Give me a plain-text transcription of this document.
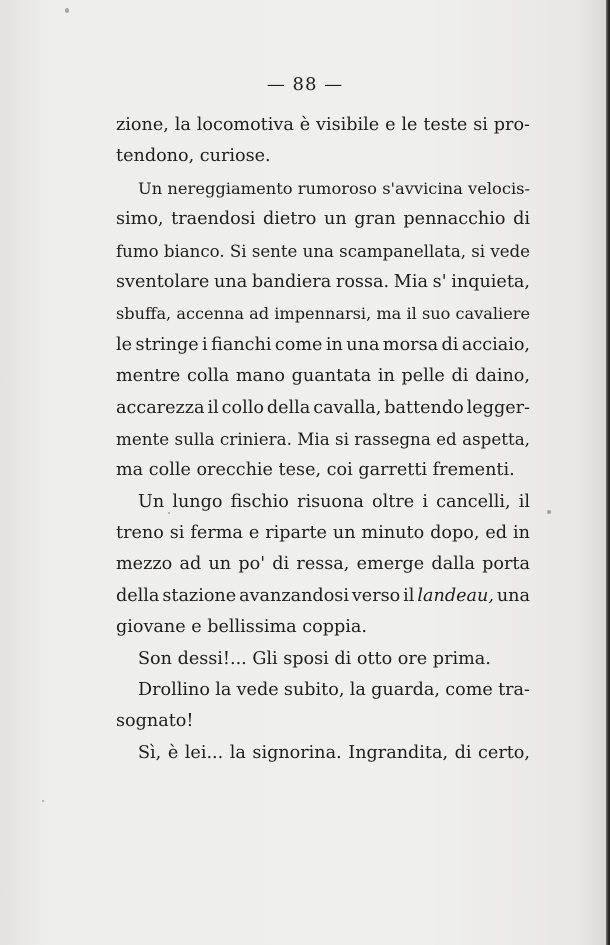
— 88 —
zione, la locomotiva è visibile e le teste si pro-
tendono, curiose.
Un nereggiamento rumoroso s'avvicina velocis-
simo, traendosi dietro un gran pennacchio di
fumo bianco. Si sente una scampanellata, si vede
sventolare una bandiera rossa. Mia s' inquieta,
sbuffa, accenna ad impennarsi, ma il suo cavaliere
le stringe i fianchi come in una morsa di acciaio,
mentre colla mano guantata in pelle di daino,
accarezza il collo della cavalla, battendo legger-
mente sulla criniera. Mia si rassegna ed aspetta,
ma colle orecchie tese, coi garretti frementi.
Un lungo fischio risuona oltre i cancelli, il
treno si ferma e riparte un minuto dopo, ed in
mezzo ad un po' di ressa, emerge dalla porta
della stazione avanzandosi verso il landeau, una
giovane e bellissima coppia.
Son dessi!... Gli sposi di otto ore prima.
Drollino la vede subito, la guarda, come tra-
sognato!
Sì, è lei... la signorina. Ingrandita, di certo,
